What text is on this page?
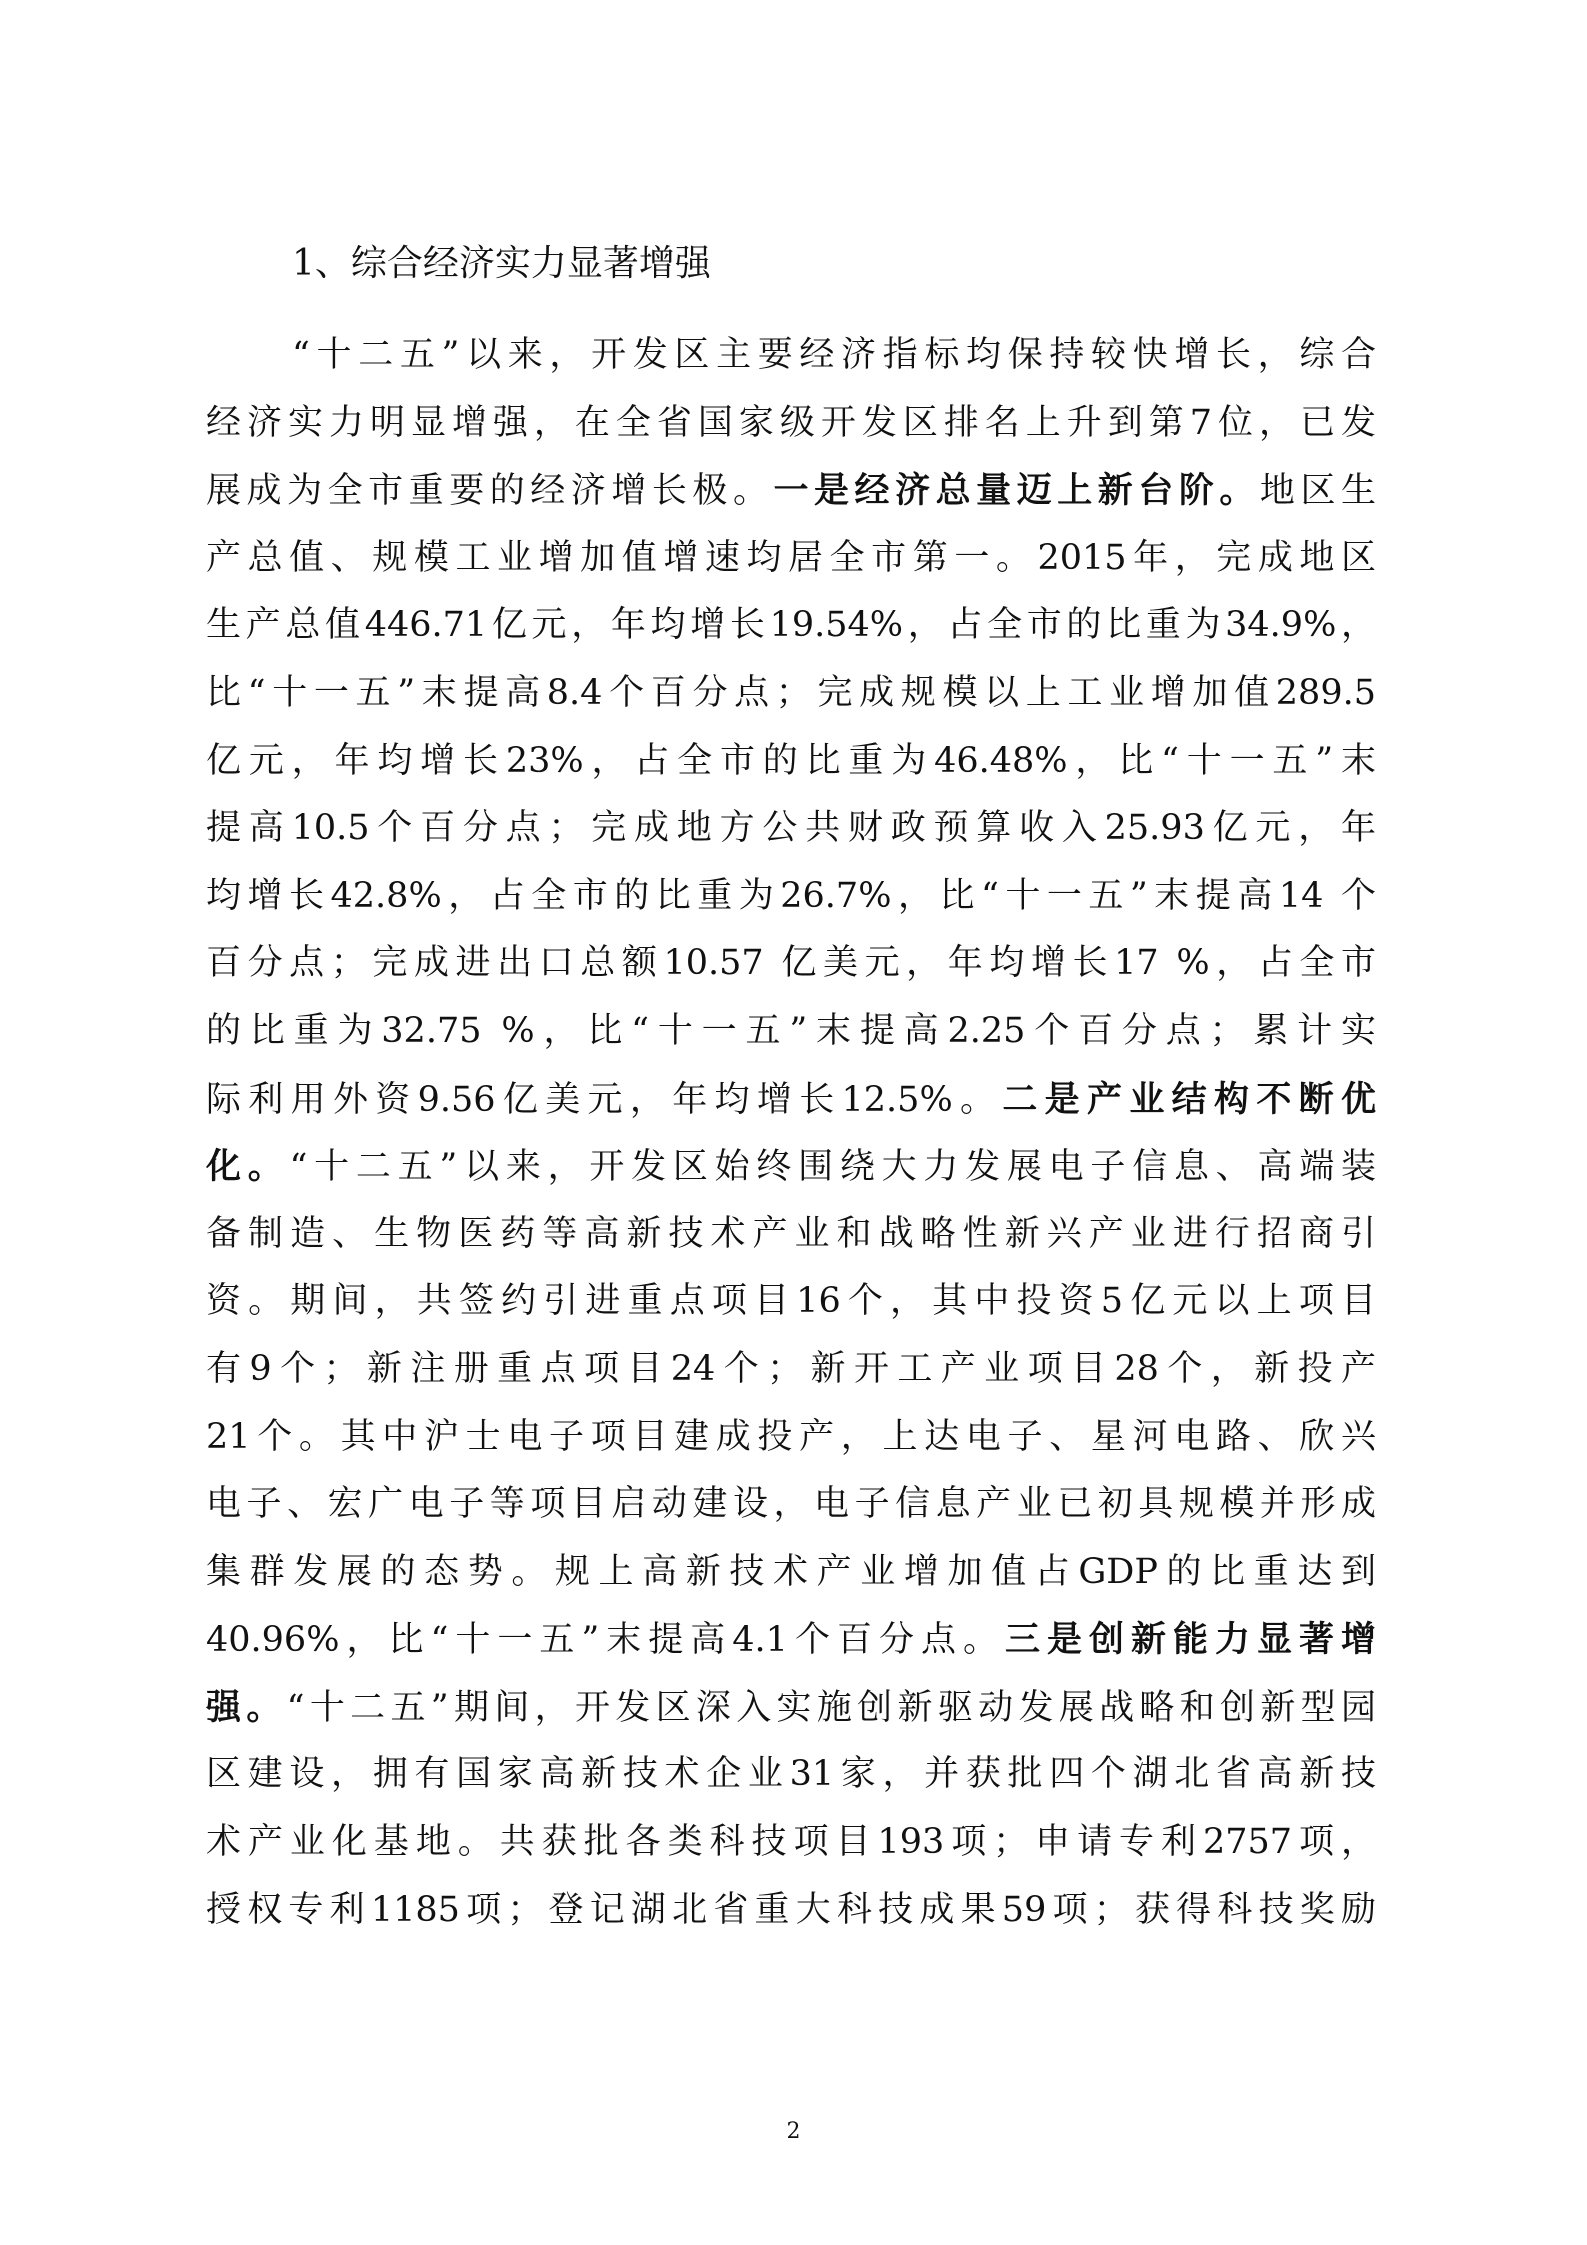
1、综合经济实力显著增强
“十二五”以来，开发区主要经济指标均保持较快增长，综合
经济实力明显增强，在全省国家级开发区排名上升到第7位，已发
展成为全市重要的经济增长极。一是经济总量迈上新台阶。地区生
产总值、规模工业增加值增速均居全市第一。2015年，完成地区
生产总值446.71亿元，年均增长19.54%，占全市的比重为34.9%，
比“十一五”末提高8.4个百分点；完成规模以上工业增加值289.5
亿元，年均增长23%，占全市的比重为46.48%，比“十一五”末
提高10.5个百分点；完成地方公共财政预算收入25.93亿元，年
均增长42.8%，占全市的比重为26.7%，比“十一五”末提高14 个
百分点；完成进出口总额10.57 亿美元，年均增长17 %，占全市
的比重为32.75 %，比“十一五”末提高2.25个百分点；累计实
际利用外资9.56亿美元，年均增长12.5%。二是产业结构不断优
化。“十二五”以来，开发区始终围绕大力发展电子信息、高端装
备制造、生物医药等高新技术产业和战略性新兴产业进行招商引
资。期间，共签约引进重点项目16个，其中投资5亿元以上项目
有9个；新注册重点项目24个；新开工产业项目28个，新投产
21个。其中沪士电子项目建成投产，上达电子、星河电路、欣兴
电子、宏广电子等项目启动建设，电子信息产业已初具规模并形成
集群发展的态势。规上高新技术产业增加值占GDP的比重达到
40.96%，比“十一五”末提高4.1个百分点。三是创新能力显著增
强。“十二五”期间，开发区深入实施创新驱动发展战略和创新型园
区建设，拥有国家高新技术企业31家，并获批四个湖北省高新技
术产业化基地。共获批各类科技项目193项；申请专利2757项，
授权专利1185项；登记湖北省重大科技成果59项；获得科技奖励
2
